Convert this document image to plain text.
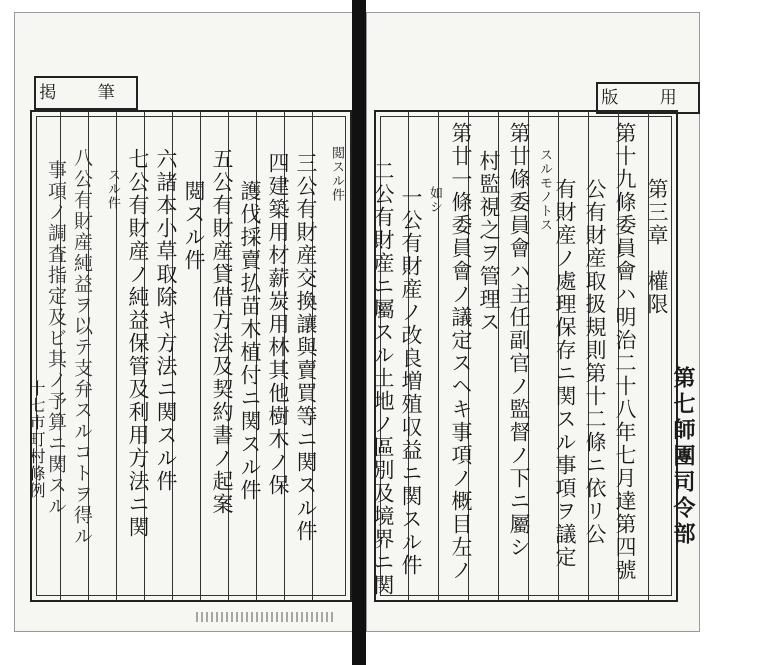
掲 筆	版 用
閲スル件
三公有財産交換讓與賣買等ニ関スル件
四建築用材薪炭用林其他樹木ノ保
護伐採賣払苗木植付ニ関スル件
五公有財産貸借方法及契約書ノ起案
閲スル件
六諸本小草取除キ方法ニ関スル件
七公有財産ノ純益保管及利用方法ニ関
スル件
八公有財産純益ヲ以テ支弁スルコトヲ得ル
事項ノ調査指定及ビ其ノ予算ニ関スル
十七市町村條例
第三章　權限
第十九條委員會ハ明治二十八年七月達第四號
公有財産取扱規則第十二條ニ依リ公
有財産ノ處理保存ニ関スル事項ヲ議定
スルモノトス
第廿條委員會ハ主任副官ノ監督ノ下ニ屬シ
村監視之ヲ管理ス
第廿一條委員會ノ議定スヘキ事項ノ概目左ノ
如シ
一公有財産ノ改良増殖収益ニ関スル件
二公有財産ニ屬スル土地ノ區別及境界ニ関	第七師團司令部
